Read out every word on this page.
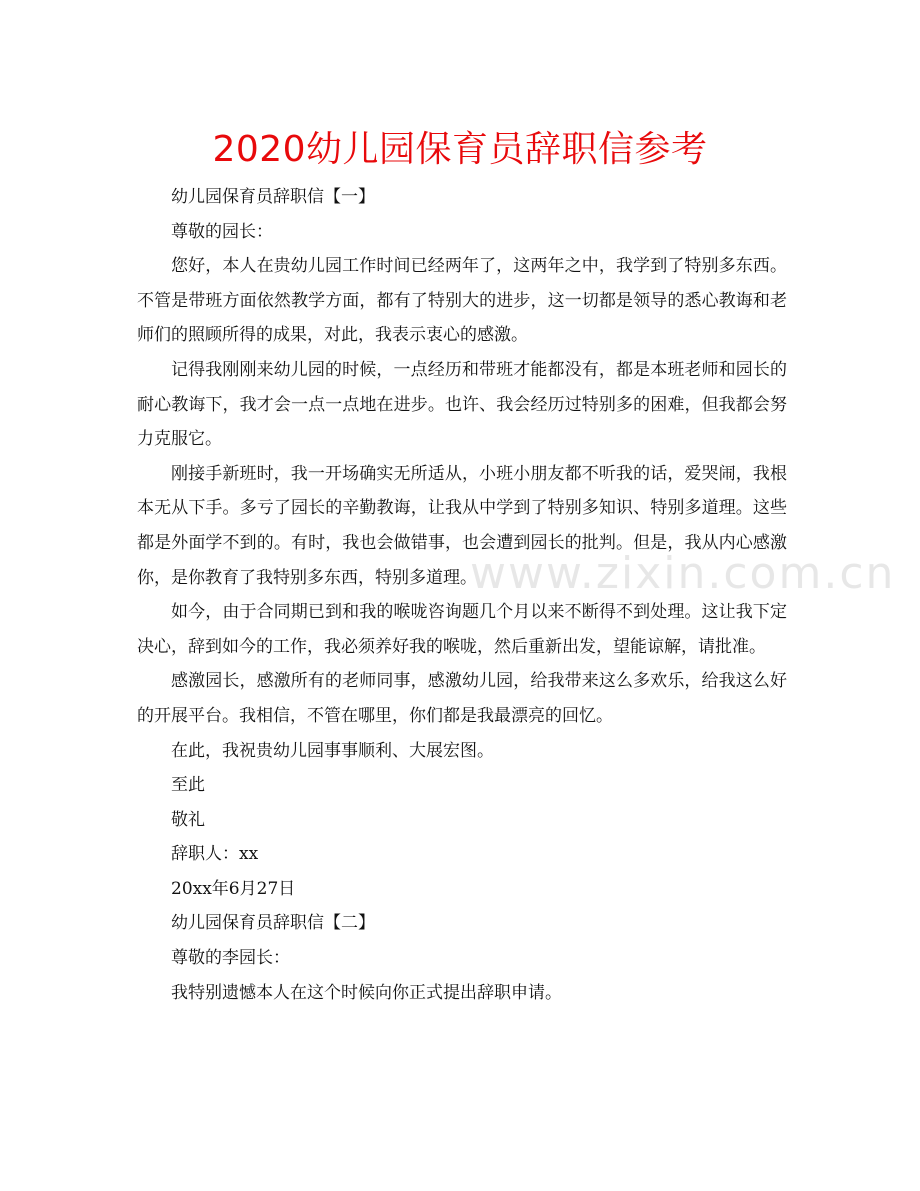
2020幼儿园保育员辞职信参考

幼儿园保育员辞职信【一】

尊敬的园长：

您好，本人在贵幼儿园工作时间已经两年了，这两年之中，我学到了特别多东西。不管是带班方面依然教学方面，都有了特别大的进步，这一切都是领导的悉心教诲和老师们的照顾所得的成果，对此，我表示衷心的感激。

记得我刚刚来幼儿园的时候，一点经历和带班才能都没有，都是本班老师和园长的耐心教诲下，我才会一点一点地在进步。也许、我会经历过特别多的困难，但我都会努力克服它。

刚接手新班时，我一开场确实无所适从，小班小朋友都不听我的话，爱哭闹，我根本无从下手。多亏了园长的辛勤教诲，让我从中学到了特别多知识、特别多道理。这些都是外面学不到的。有时，我也会做错事，也会遭到园长的批判。但是，我从内心感激你，是你教育了我特别多东西，特别多道理。

如今，由于合同期已到和我的喉咙咨询题几个月以来不断得不到处理。这让我下定决心，辞到如今的工作，我必须养好我的喉咙，然后重新出发，望能谅解，请批准。

感激园长，感激所有的老师同事，感激幼儿园，给我带来这么多欢乐，给我这么好的开展平台。我相信，不管在哪里，你们都是我最漂亮的回忆。

在此，我祝贵幼儿园事事顺利、大展宏图。

至此

敬礼

辞职人：xx

20xx年6月27日

幼儿园保育员辞职信【二】

尊敬的李园长：

我特别遗憾本人在这个时候向你正式提出辞职申请。

www.zixin.com.cn
